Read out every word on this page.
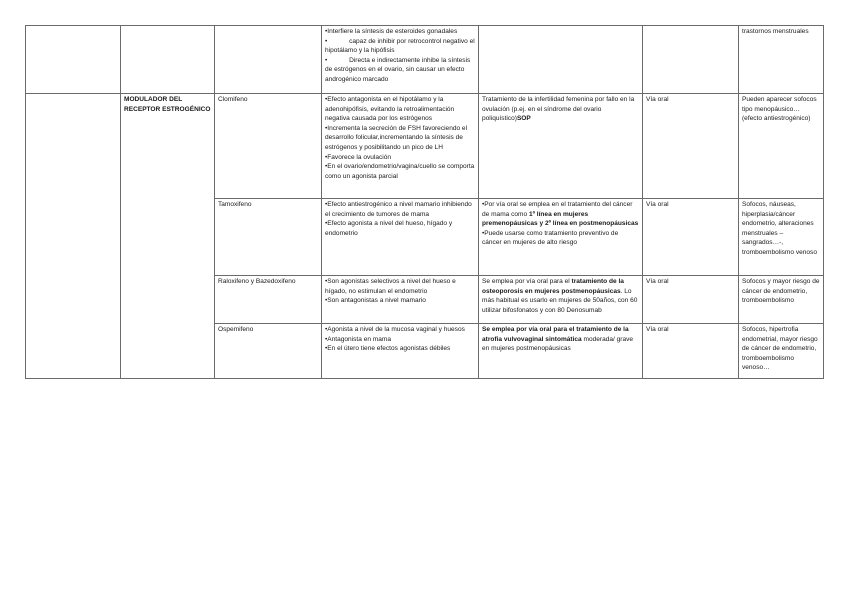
			•Interfiere la síntesis de esteroides gonadales
•            capaz de inhibir por retrocontrol negativo el hipotálamo y la hipófisis
•            Directa e indirectamente inhibe la síntesis de estrógenos en el ovario, sin causar un efecto androgénico marcado			trastornos menstruales
	MODULADOR DEL RECEPTOR ESTROGÉNICO	Clomifeno	•Efecto antagonista en el hipotálamo y la adenohipófisis, evitando la retroalimentación negativa causada por los estrógenos
•Incrementa la secreción de FSH favoreciendo el desarrollo folicular,incrementando la síntesis de estrógenos y posibilitando un pico de LH
•Favorece la ovulación
•En el ovario/endometrio/vagina/cuello se comporta como un agonista parcial	Tratamiento de la infertilidad femenina por fallo en la ovulación (p.ej. en el síndrome del ovario poliquístico)SOP	Vía oral	Pueden aparecer sofocos tipo menopáusico… (efecto antiestrogénico)
		Tamoxifeno	•Efecto antiestrogénico a nivel mamario inhibiendo el crecimiento de tumores de mama
•Efecto agonista a nivel del hueso, hígado y endometrio	•Por vía oral se emplea en el tratamiento del cáncer de mama como 1º línea en mujeres premenopáusicas y 2º línea en postmenopáusicas
•Puede usarse como tratamiento preventivo de cáncer en mujeres de alto riesgo	Vía oral	Sofocos, náuseas, hiperplasia/cáncer endometrio, alteraciones menstruales – sangrados…-, tromboembolismo venoso
		Raloxifeno y Bazedoxifeno	•Son agonistas selectivos a nivel del hueso e hígado, no estimulan el endometrio
•Son antagonistas a nivel mamario	Se emplea por vía oral para el tratamiento de la osteoporosis en mujeres postmenopáusicas. Lo más habitual es usarlo en mujeres de 50años, con 60 utilizar bifosfonatos y con 80 Denosumab	Vía oral	Sofocos y mayor riesgo de cáncer de endometrio, tromboembolismo
		Ospemifeno	•Agonista a nivel de la mucosa vaginal y huesos
•Antagonista en mama
•En el útero tiene efectos agonistas débiles	Se emplea por vía oral para el tratamiento de la atrofia vulvovaginal sintomática moderada/ grave en mujeres postmenopáusicas	Vía oral	Sofocos, hipertrofia endometrial, mayor riesgo de cáncer de endometrio, tromboembolismo venoso…
